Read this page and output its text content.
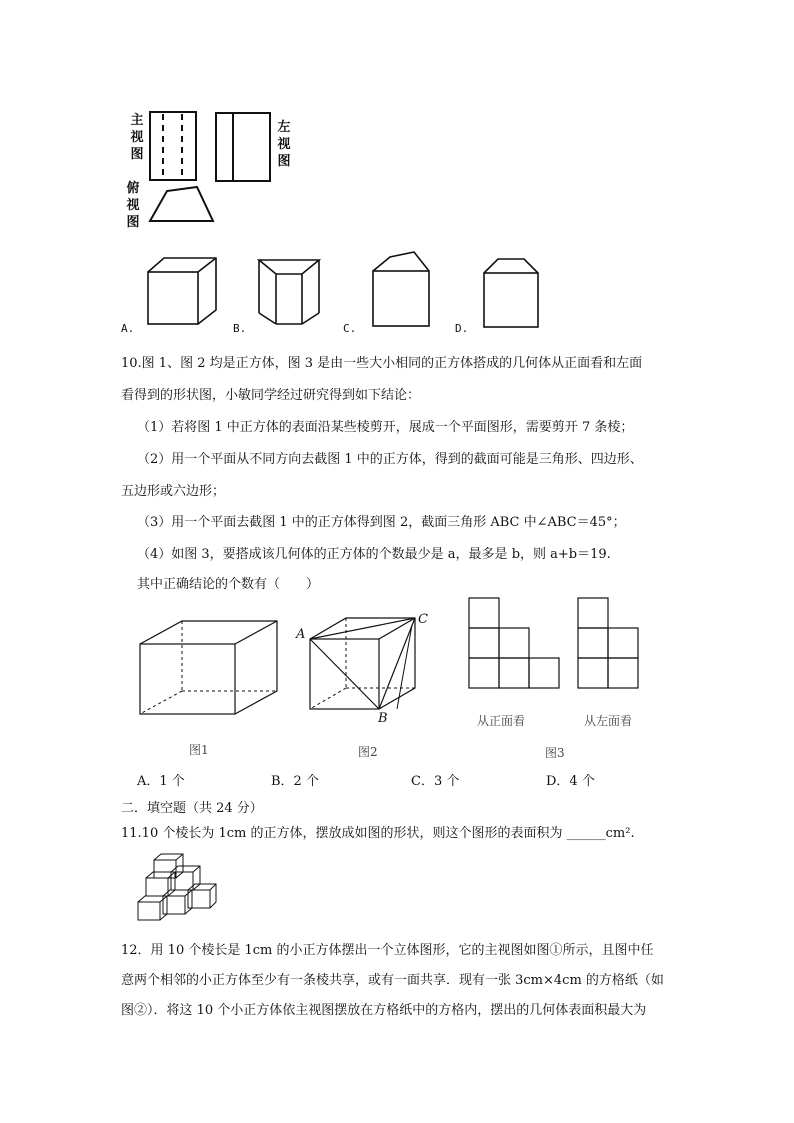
主
视
图
左
视
图
俯
视
图
A.	B.	C.	D.
10.图 1、图 2 均是正方体，图 3 是由一些大小相同的正方体搭成的几何体从正面看和左面
看得到的形状图，小敏同学经过研究得到如下结论：
（1）若将图 1 中正方体的表面沿某些棱剪开，展成一个平面图形，需要剪开 7 条棱；
（2）用一个平面从不同方向去截图 1 中的正方体，得到的截面可能是三角形、四边形、
五边形或六边形；
（3）用一个平面去截图 1 中的正方体得到图 2，截面三角形 ABC 中∠ABC＝45°；
（4）如图 3，要搭成该几何体的正方体的个数最少是 a，最多是 b，则 a+b＝19.
其中正确结论的个数有（　　）
A
C
B	从正面看	从左面看
图1	图2	图3
A．1 个	B．2 个	C．3 个	D．4 个
二．填空题（共 24 分）
11.10 个棱长为 1cm 的正方体，摆放成如图的形状，则这个图形的表面积为 ______cm².
12．用 10 个棱长是 1cm 的小正方体摆出一个立体图形，它的主视图如图①所示，且图中任
意两个相邻的小正方体至少有一条棱共享，或有一面共享．现有一张 3cm×4cm 的方格纸（如
图②）．将这 10 个小正方体依主视图摆放在方格纸中的方格内，摆出的几何体表面积最大为
